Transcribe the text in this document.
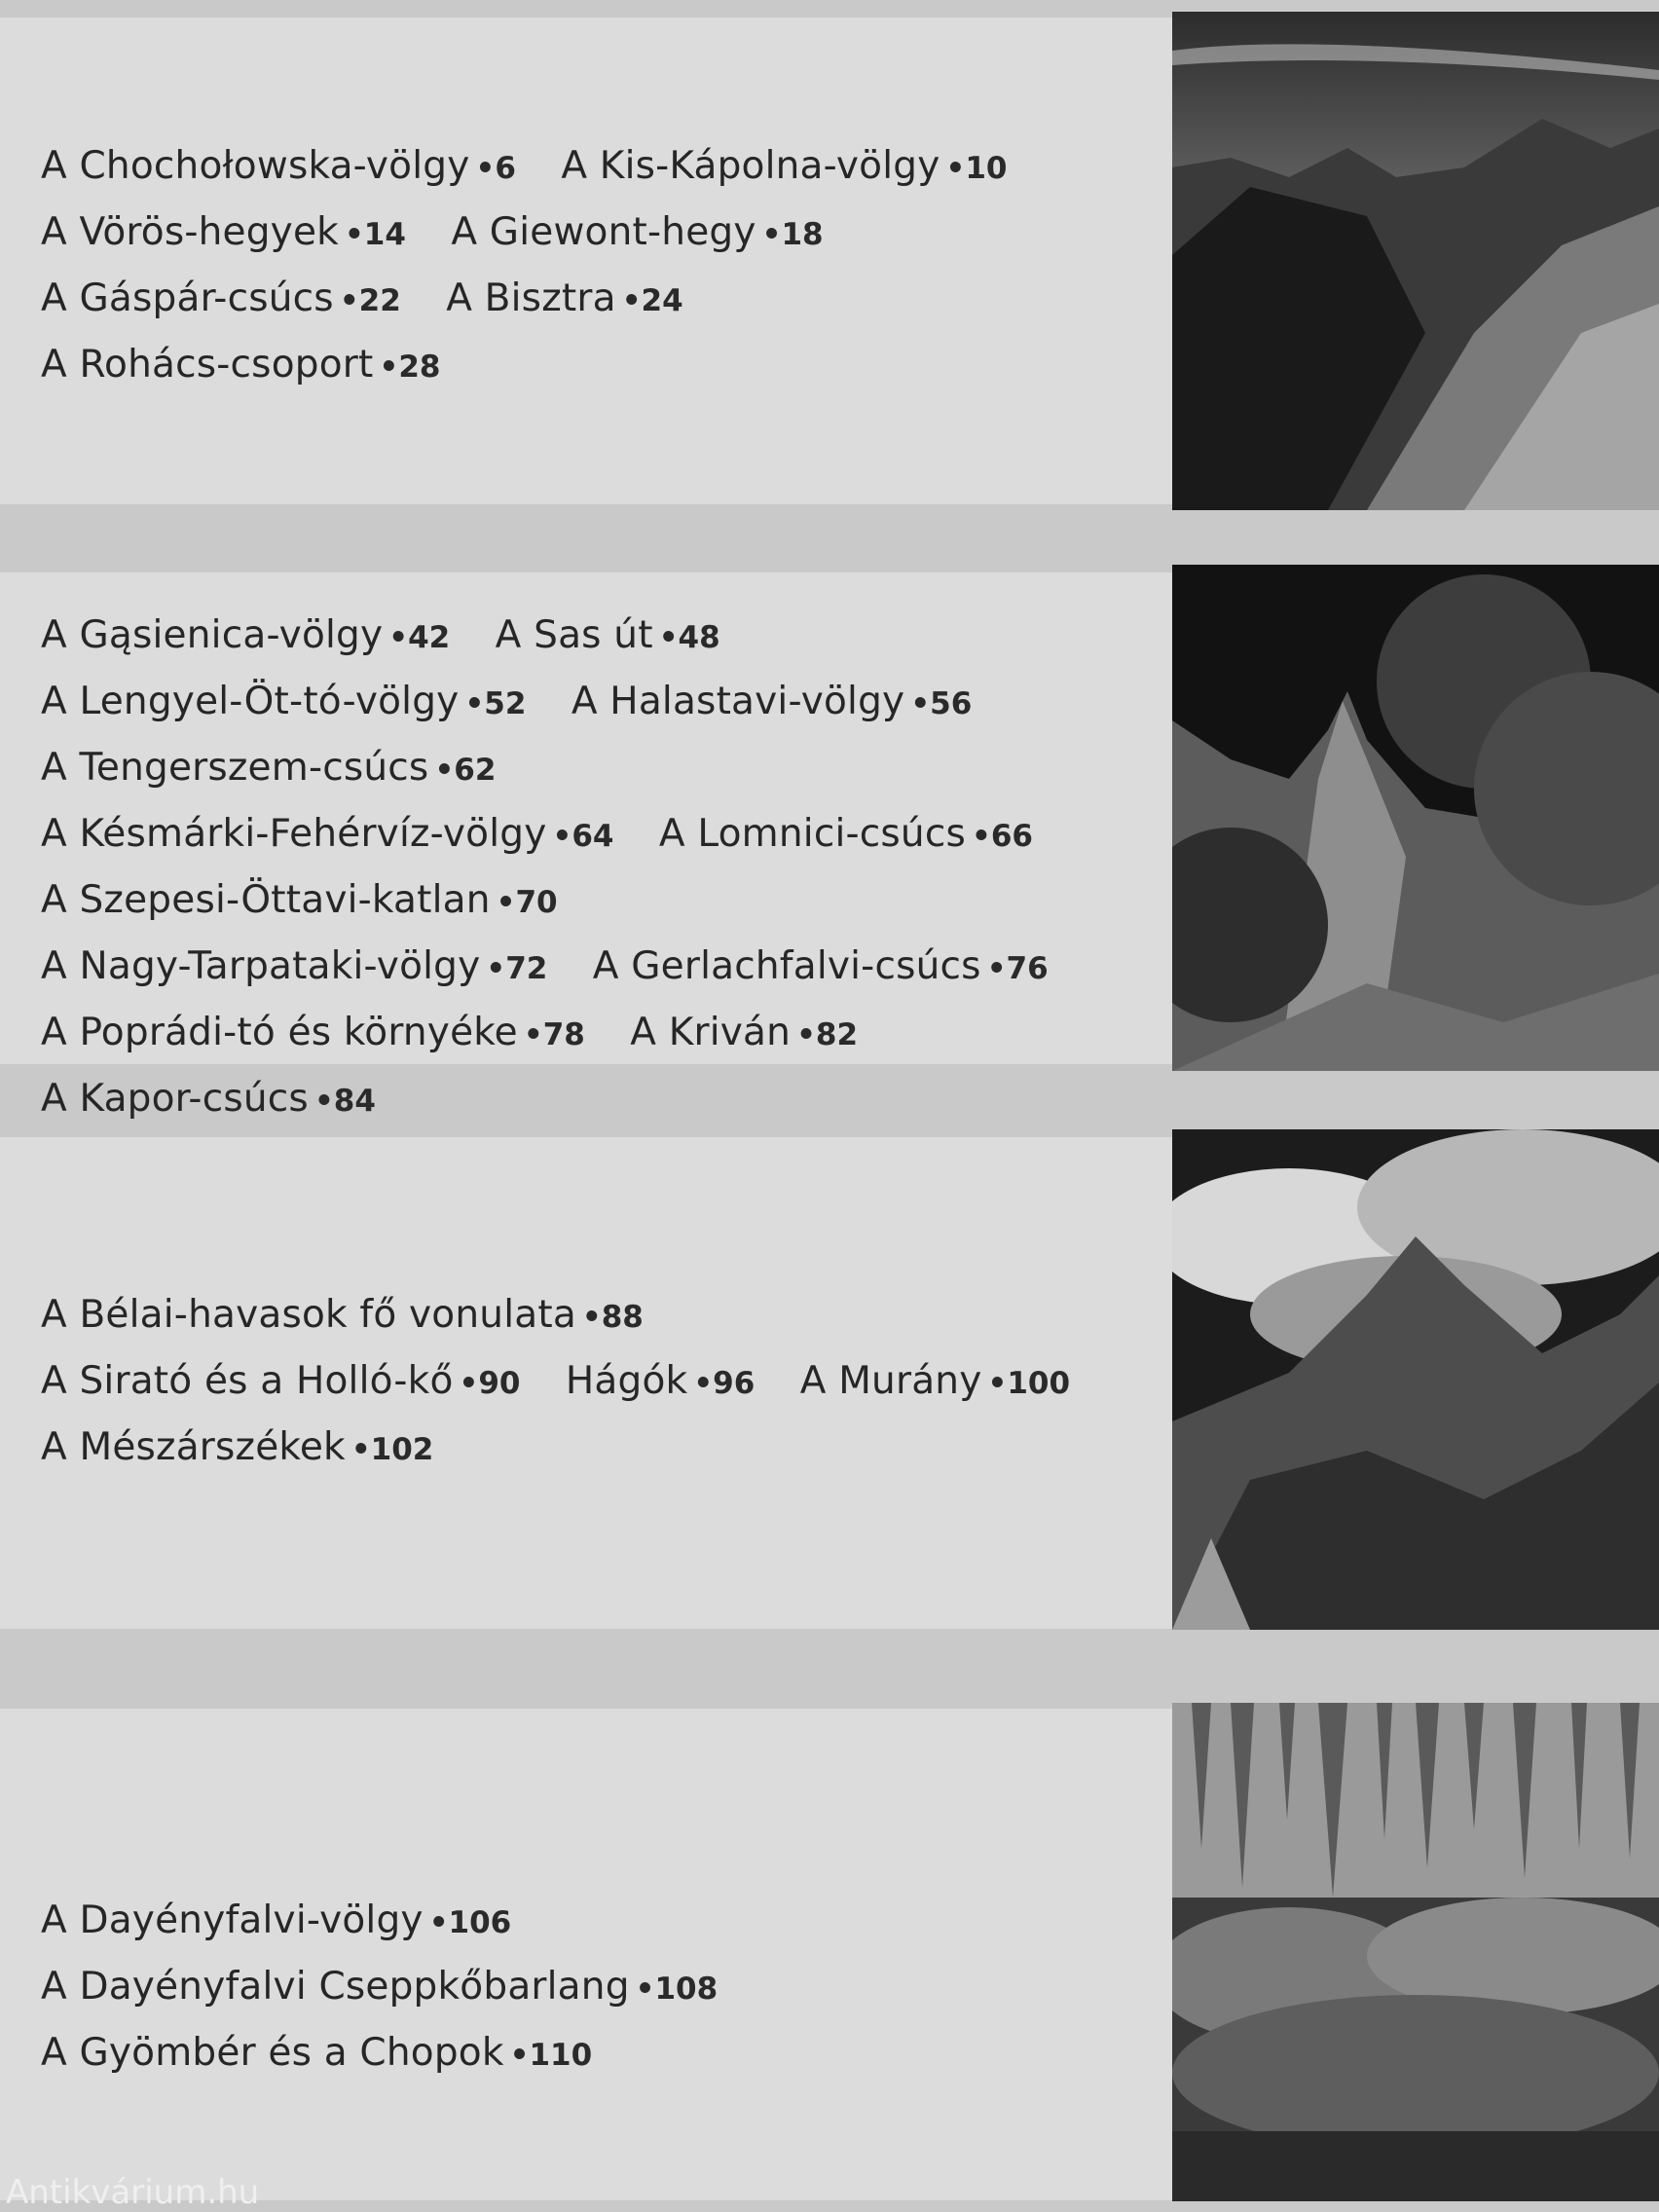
A Chochołowska-völgy •6 A Kis-Kápolna-völgy •10 A Vörös-hegyek •14 A Giewont-hegy •18 A Gáspár-csúcs •22 A Bisztra •24 A Rohács-csoport •28
A Gąsienica-völgy •42 A Sas út •48 A Lengyel-Öt-tó-völgy •52 A Halastavi-völgy •56 A Tengerszem-csúcs •62 A Késmárki-Fehérvíz-völgy •64 A Lomnici-csúcs •66 A Szepesi-Öttavi-katlan •70 A Nagy-Tarpataki-völgy •72 A Gerlachfalvi-csúcs •76 A Poprádi-tó és környéke •78 A Kriván •82 A Kapor-csúcs •84
A Bélai-havasok fő vonulata •88 A Sirató és a Holló-kő •90 Hágók •96 A Murány •100 A Mészárszékek •102
A Dayényfalvi-völgy •106 A Dayényfalvi Cseppkőbarlang •108 A Gyömbér és a Chopok •110
Antikvárium.hu
